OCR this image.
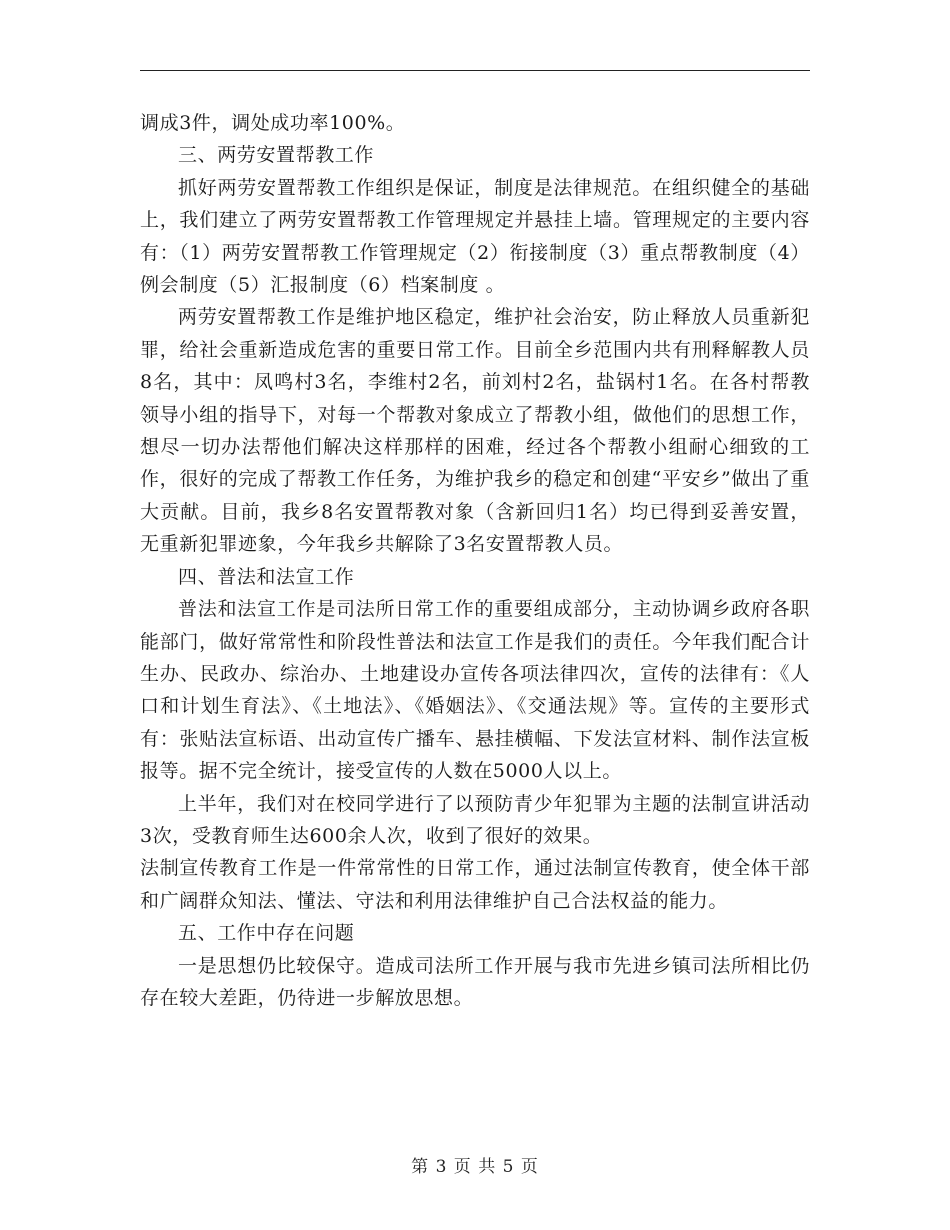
调成3件，调处成功率100%。

三、两劳安置帮教工作

抓好两劳安置帮教工作组织是保证，制度是法律规范。在组织健全的基础上，我们建立了两劳安置帮教工作管理规定并悬挂上墙。管理规定的主要内容有：（1）两劳安置帮教工作管理规定（2）衔接制度（3）重点帮教制度（4）例会制度（5）汇报制度（6）档案制度 。

两劳安置帮教工作是维护地区稳定，维护社会治安，防止释放人员重新犯罪，给社会重新造成危害的重要日常工作。目前全乡范围内共有刑释解教人员8名，其中：凤鸣村3名，李维村2名，前刘村2名，盐锅村1名。在各村帮教领导小组的指导下，对每一个帮教对象成立了帮教小组，做他们的思想工作，想尽一切办法帮他们解决这样那样的困难，经过各个帮教小组耐心细致的工作，很好的完成了帮教工作任务，为维护我乡的稳定和创建“平安乡”做出了重大贡献。目前，我乡8名安置帮教对象（含新回归1名）均已得到妥善安置，无重新犯罪迹象，今年我乡共解除了3名安置帮教人员。

四、普法和法宣工作

普法和法宣工作是司法所日常工作的重要组成部分，主动协调乡政府各职能部门，做好常常性和阶段性普法和法宣工作是我们的责任。今年我们配合计生办、民政办、综治办、土地建设办宣传各项法律四次，宣传的法律有：《人口和计划生育法》、《土地法》、《婚姻法》、《交通法规》等。宣传的主要形式有：张贴法宣标语、出动宣传广播车、悬挂横幅、下发法宣材料、制作法宣板报等。据不完全统计，接受宣传的人数在5000人以上。

上半年，我们对在校同学进行了以预防青少年犯罪为主题的法制宣讲活动3次，受教育师生达600余人次，收到了很好的效果。

法制宣传教育工作是一件常常性的日常工作，通过法制宣传教育，使全体干部和广阔群众知法、懂法、守法和利用法律维护自己合法权益的能力。

五、工作中存在问题

一是思想仍比较保守。造成司法所工作开展与我市先进乡镇司法所相比仍存在较大差距，仍待进一步解放思想。

第 3 页 共 5 页
